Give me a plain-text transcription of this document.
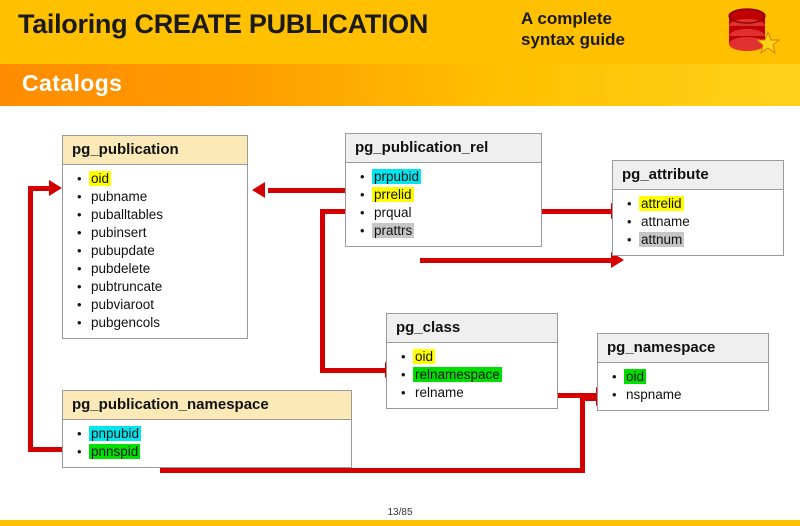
Tailoring CREATE PUBLICATION	A complete
syntax guide
Catalogs
pg_publication
• oid
• pubname
• puballtables
• pubinsert
• pubupdate
• pubdelete
• pubtruncate
• pubviaroot
• pubgencols
pg_publication_rel
• prpubid
• prrelid
• prqual
• prattrs
pg_attribute
• attrelid
• attname
• attnum
pg_class
• oid
• relnamespace
• relname
pg_namespace
• oid
• nspname
pg_publication_namespace
• pnpubid
• pnnspid
13/85
